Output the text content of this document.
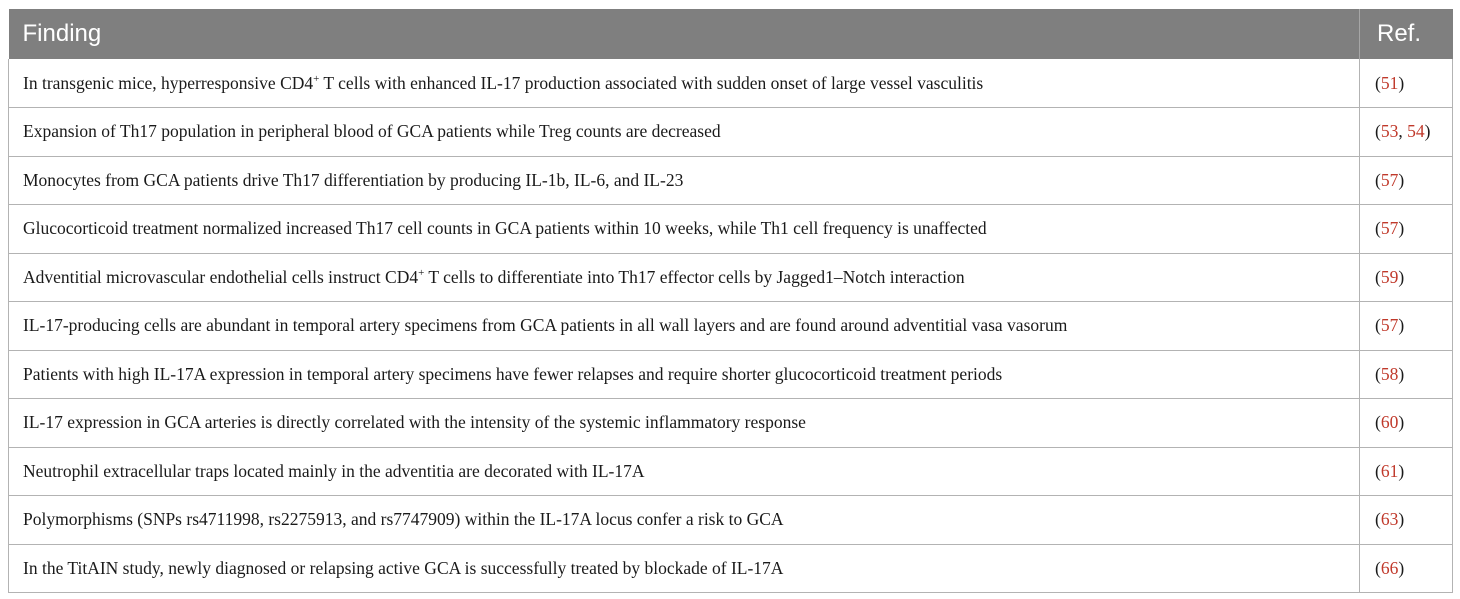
Finding	Ref.
In transgenic mice, hyperresponsive CD4+ T cells with enhanced IL-17 production associated with sudden onset of large vessel vasculitis	(51)
Expansion of Th17 population in peripheral blood of GCA patients while Treg counts are decreased	(53, 54)
Monocytes from GCA patients drive Th17 differentiation by producing IL-1b, IL-6, and IL-23	(57)
Glucocorticoid treatment normalized increased Th17 cell counts in GCA patients within 10 weeks, while Th1 cell frequency is unaffected	(57)
Adventitial microvascular endothelial cells instruct CD4+ T cells to differentiate into Th17 effector cells by Jagged1–Notch interaction	(59)
IL-17-producing cells are abundant in temporal artery specimens from GCA patients in all wall layers and are found around adventitial vasa vasorum	(57)
Patients with high IL-17A expression in temporal artery specimens have fewer relapses and require shorter glucocorticoid treatment periods	(58)
IL-17 expression in GCA arteries is directly correlated with the intensity of the systemic inflammatory response	(60)
Neutrophil extracellular traps located mainly in the adventitia are decorated with IL-17A	(61)
Polymorphisms (SNPs rs4711998, rs2275913, and rs7747909) within the IL-17A locus confer a risk to GCA	(63)
In the TitAIN study, newly diagnosed or relapsing active GCA is successfully treated by blockade of IL-17A	(66)
